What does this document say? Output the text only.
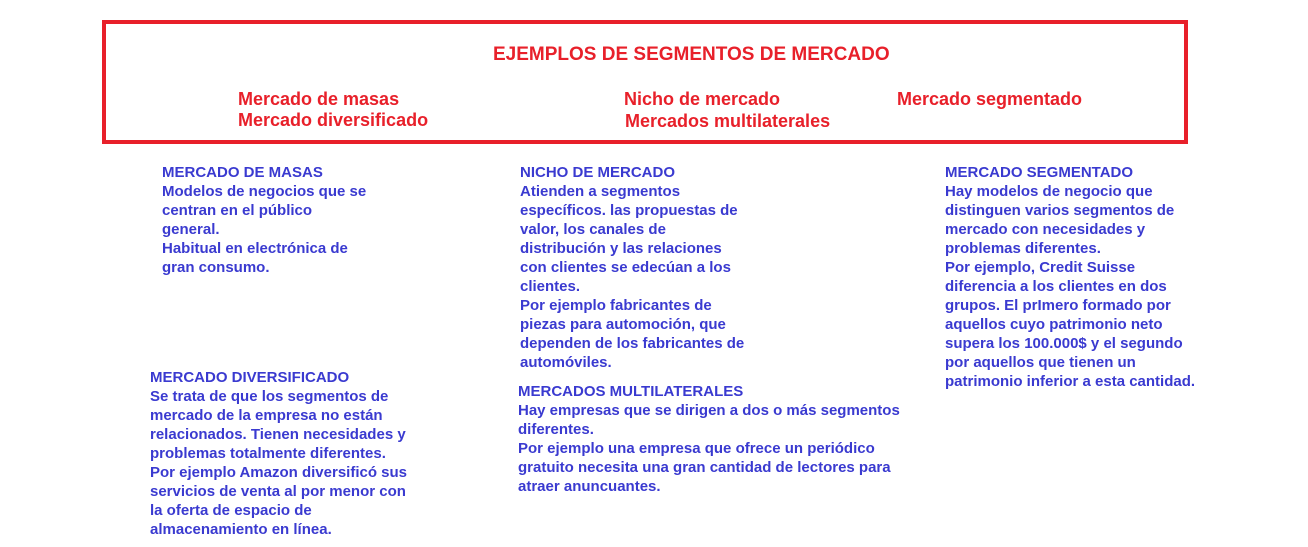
EJEMPLOS DE SEGMENTOS DE MERCADO
Mercado de masas
Mercado diversificado
Nicho de mercado
Mercados multilaterales
Mercado segmentado
MERCADO DE MASAS
Modelos de negocios que se
centran en el público
general.
Habitual en electrónica de
gran consumo.
MERCADO DIVERSIFICADO
Se trata de que los segmentos de
mercado de la empresa no están
relacionados. Tienen necesidades y
problemas totalmente diferentes.
Por ejemplo Amazon diversificó sus
servicios de venta al por menor con
la oferta de espacio de
almacenamiento en línea.
NICHO DE MERCADO
Atienden a segmentos
específicos. las propuestas de
valor, los canales de
distribución y las relaciones
con clientes se edecúan a los
clientes.
Por ejemplo fabricantes de
piezas para automoción, que
dependen de los fabricantes de
automóviles.
MERCADOS MULTILATERALES
Hay empresas que se dirigen a dos o más segmentos
diferentes.
Por ejemplo una empresa que ofrece un periódico
gratuito necesita una gran cantidad de lectores para
atraer anuncuantes.
MERCADO SEGMENTADO
Hay modelos de negocio que
distinguen varios segmentos de
mercado con necesidades y
problemas diferentes.
Por ejemplo, Credit Suisse
diferencia a los clientes en dos
grupos. El prImero formado por
aquellos cuyo patrimonio neto
supera los 100.000$ y el segundo
por aquellos que tienen un
patrimonio inferior a esta cantidad.
